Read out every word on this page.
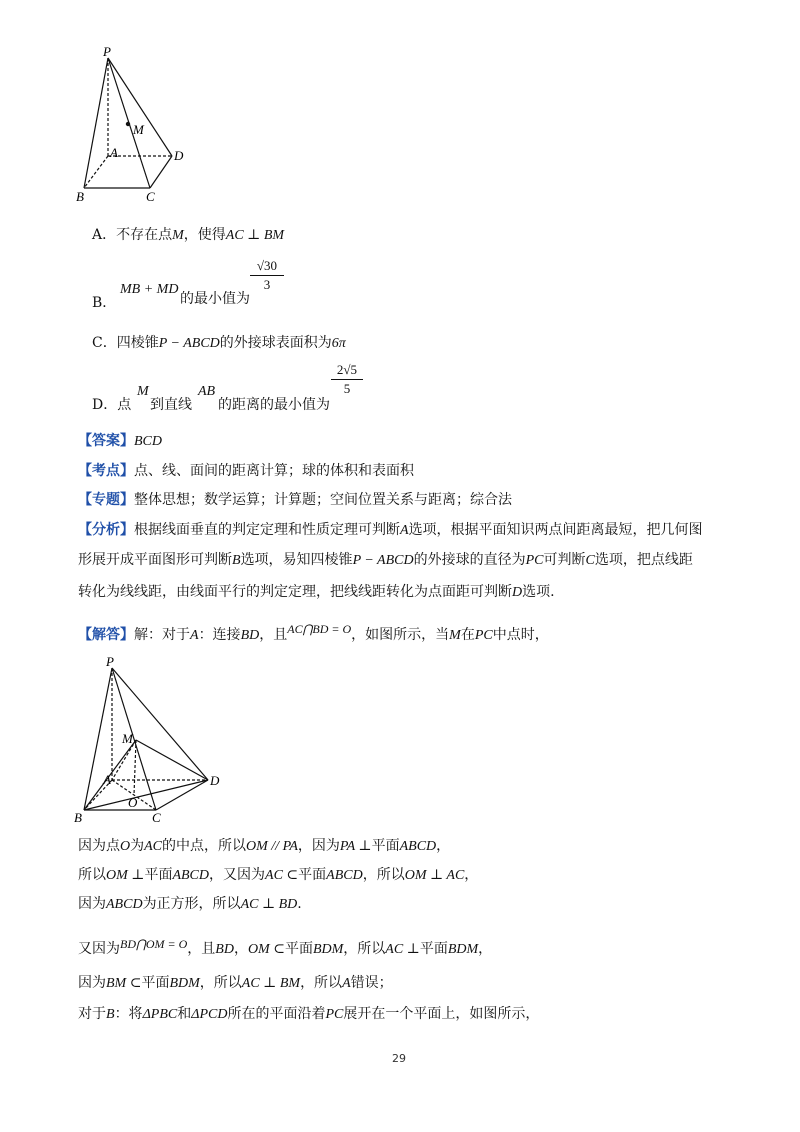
P
M
A	D
B	C
A．不存在点M，使得AC ⊥ BM
B．
MB + MD
的最小值为
√30
3
C．四棱锥P − ABCD的外接球表面积为6π
D．点
M
到直线
AB
的距离的最小值为
2√5
5
【答案】BCD
【考点】点、线、面间的距离计算；球的体积和表面积
【专题】整体思想；数学运算；计算题；空间位置关系与距离；综合法
【分析】根据线面垂直的判定定理和性质定理可判断A选项，根据平面知识两点间距离最短，把几何图
形展开成平面图形可判断B选项，易知四棱锥P − ABCD的外接球的直径为PC可判断C选项，把点线距
转化为线线距，由线面平行的判定定理，把线线距转化为点面距可判断D选项.
【解答】解：对于A：连接BD，且AC⋂BD = O，如图所示，当M在PC中点时，
P
M
A	D
B
O
C
因为点O为AC的中点，所以OM // PA，因为PA ⊥平面ABCD，
所以OM ⊥平面ABCD，又因为AC ⊂平面ABCD，所以OM ⊥ AC，
因为ABCD为正方形，所以AC ⊥ BD.
又因为BD⋂OM = O，且BD，OM ⊂平面BDM，所以AC ⊥平面BDM，
因为BM ⊂平面BDM，所以AC ⊥ BM，所以A错误；
对于B：将ΔPBC和ΔPCD所在的平面沿着PC展开在一个平面上，如图所示，
29
